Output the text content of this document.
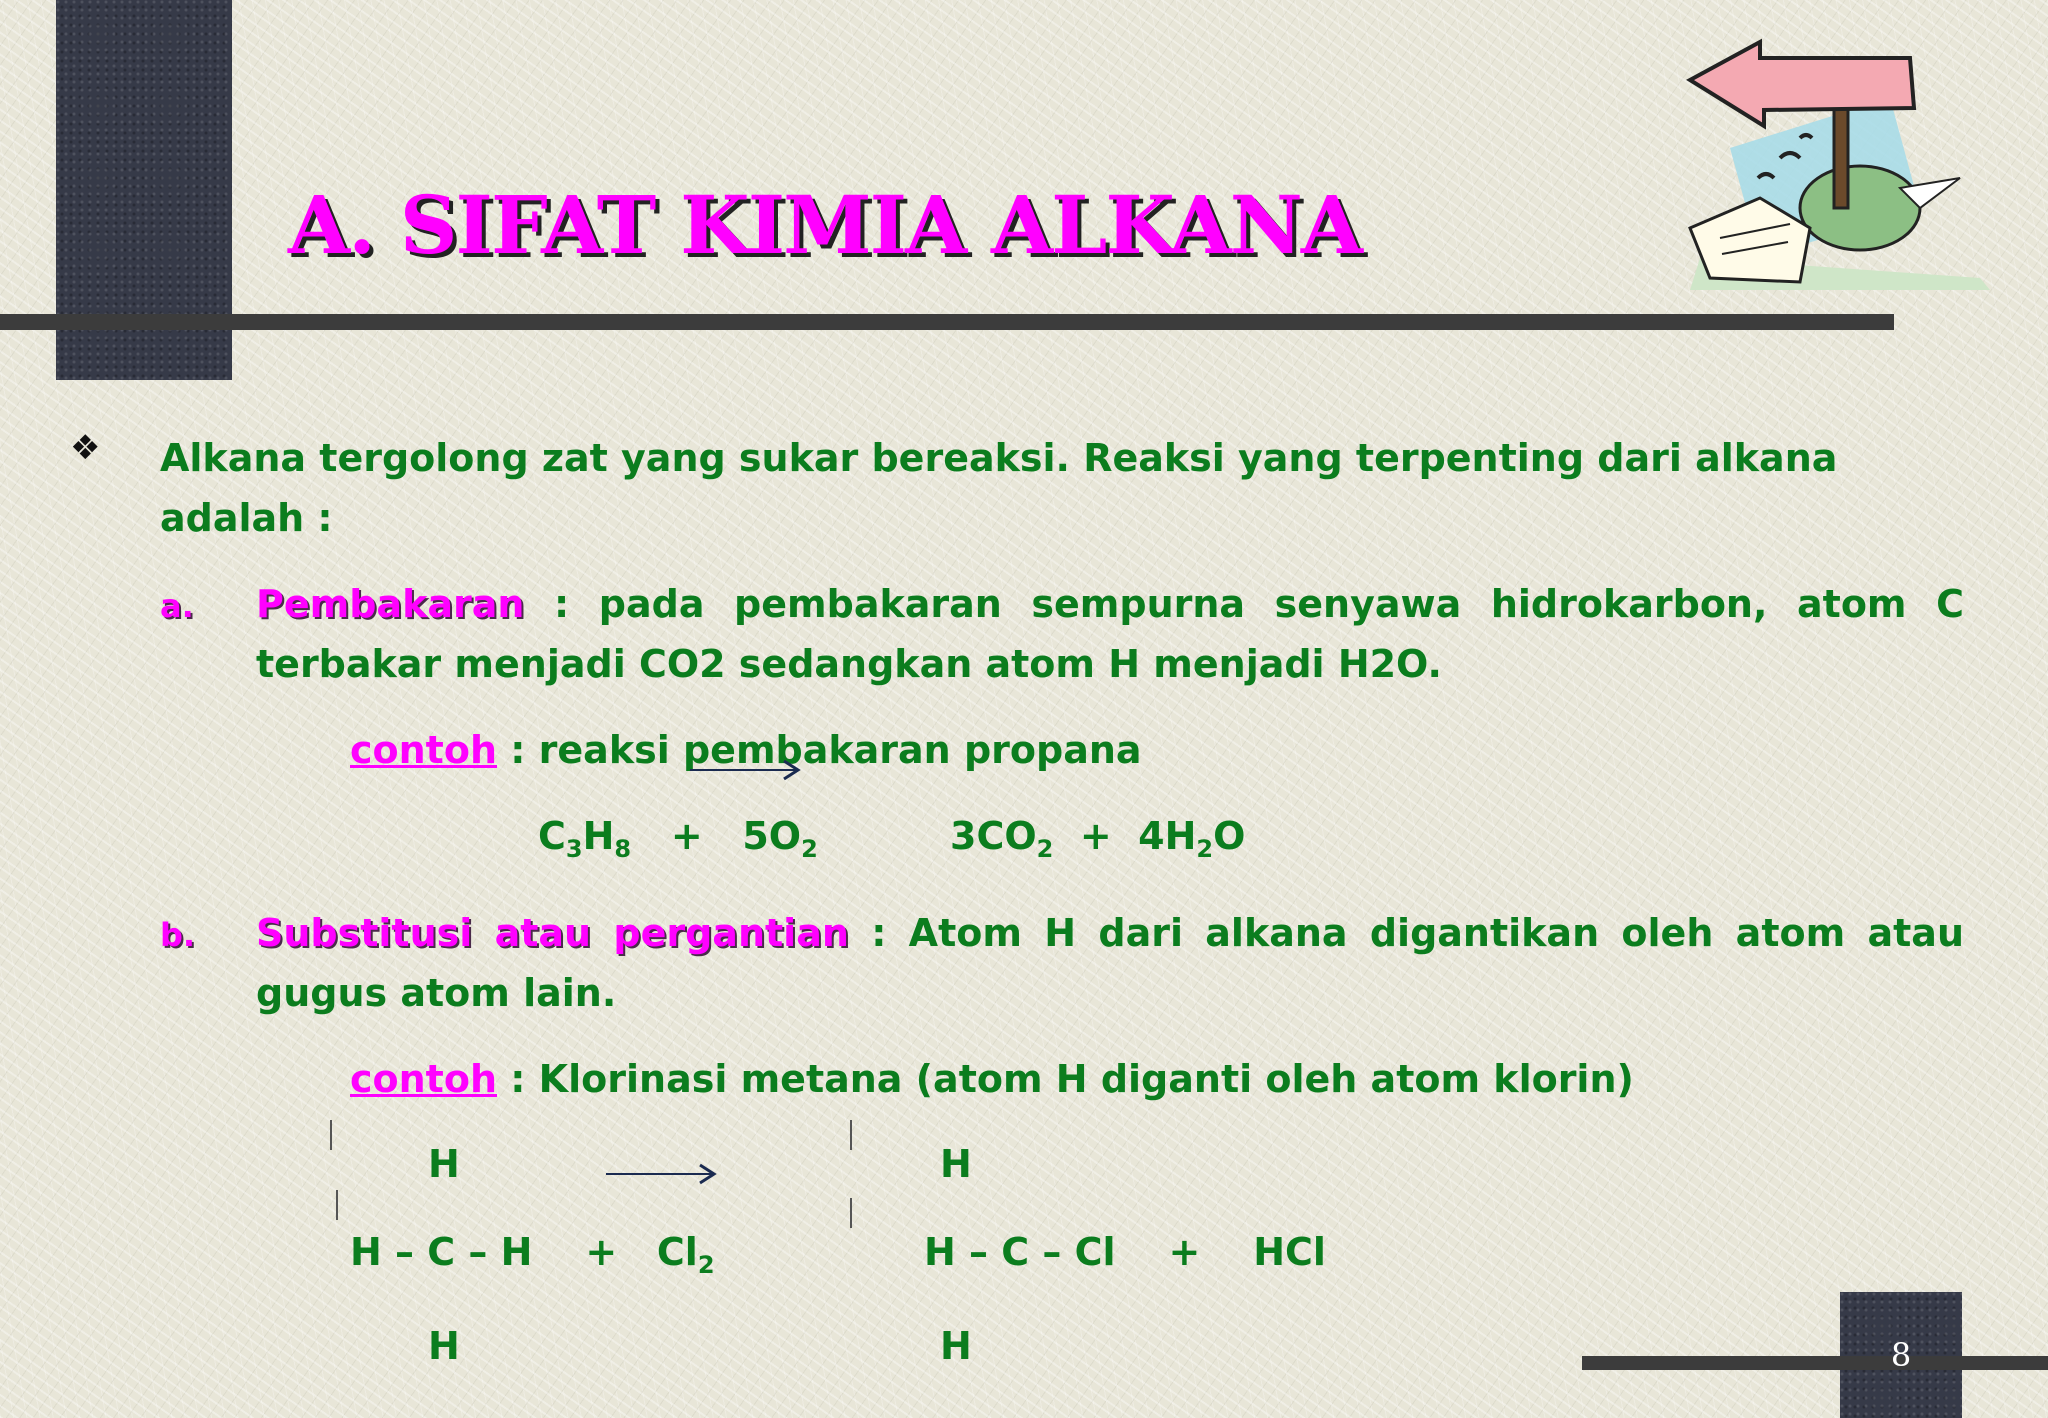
A. SIFAT KIMIA ALKANA
❖ Alkana tergolong zat yang sukar bereaksi. Reaksi yang terpenting dari alkana

adalah :

a. Pembakaran : pada pembakaran sempurna senyawa hidrokarbon, atom C terbakar menjadi CO2 sedangkan atom H menjadi H2O.

contoh : reaksi pembakaran propana

$C_3H_8 + 5O_2$	$3CO_2 + 4H_2O$
b. Substitusi atau pergantian : Atom H dari alkana digantikan oleh atom atau gugus atom lain.

contoh : Klorinasi metana (atom H diganti oleh atom klorin)

H	H
$H - C - H + Cl_2$	H – C – Cl + HCl
H	H	8
